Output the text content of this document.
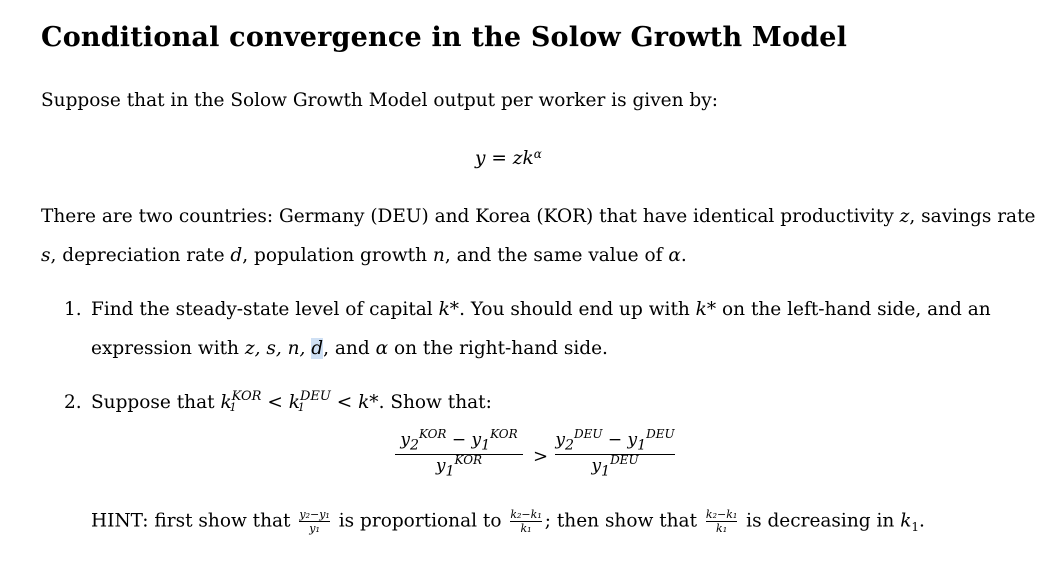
Conditional convergence in the Solow Growth Model
Suppose that in the Solow Growth Model output per worker is given by:
$y = zk^\alpha$
There are two countries: Germany (DEU) and Korea (KOR) that have identical productivity z, savings rate
s, depreciation rate d, population growth n, and the same value of α.
1. Find the steady-state level of capital k*. You should end up with k* on the left-hand side, and an
expression with z, s, n, d, and α on the right-hand side.
2. Suppose that $k^{KOR}$
$1 < k^{DEU}$
1 < k*. Show that:
$y_2^{KOR} - y_1^{KOR}$
$y_1^{KOR}$	>
$y_2^{DEU} - y_1^{DEU}$
$y_1^{DEU}$
HINT: first show that $\frac{\text{y₂−y₁}}{\text{y₁}}$ is proportional to $\frac{\text{k₂−k₁}}{\text{k₁}}$ ; then show that $\frac{\text{k₂−k₁}}{\text{k₁}}$ is decreasing in $k_1$.
